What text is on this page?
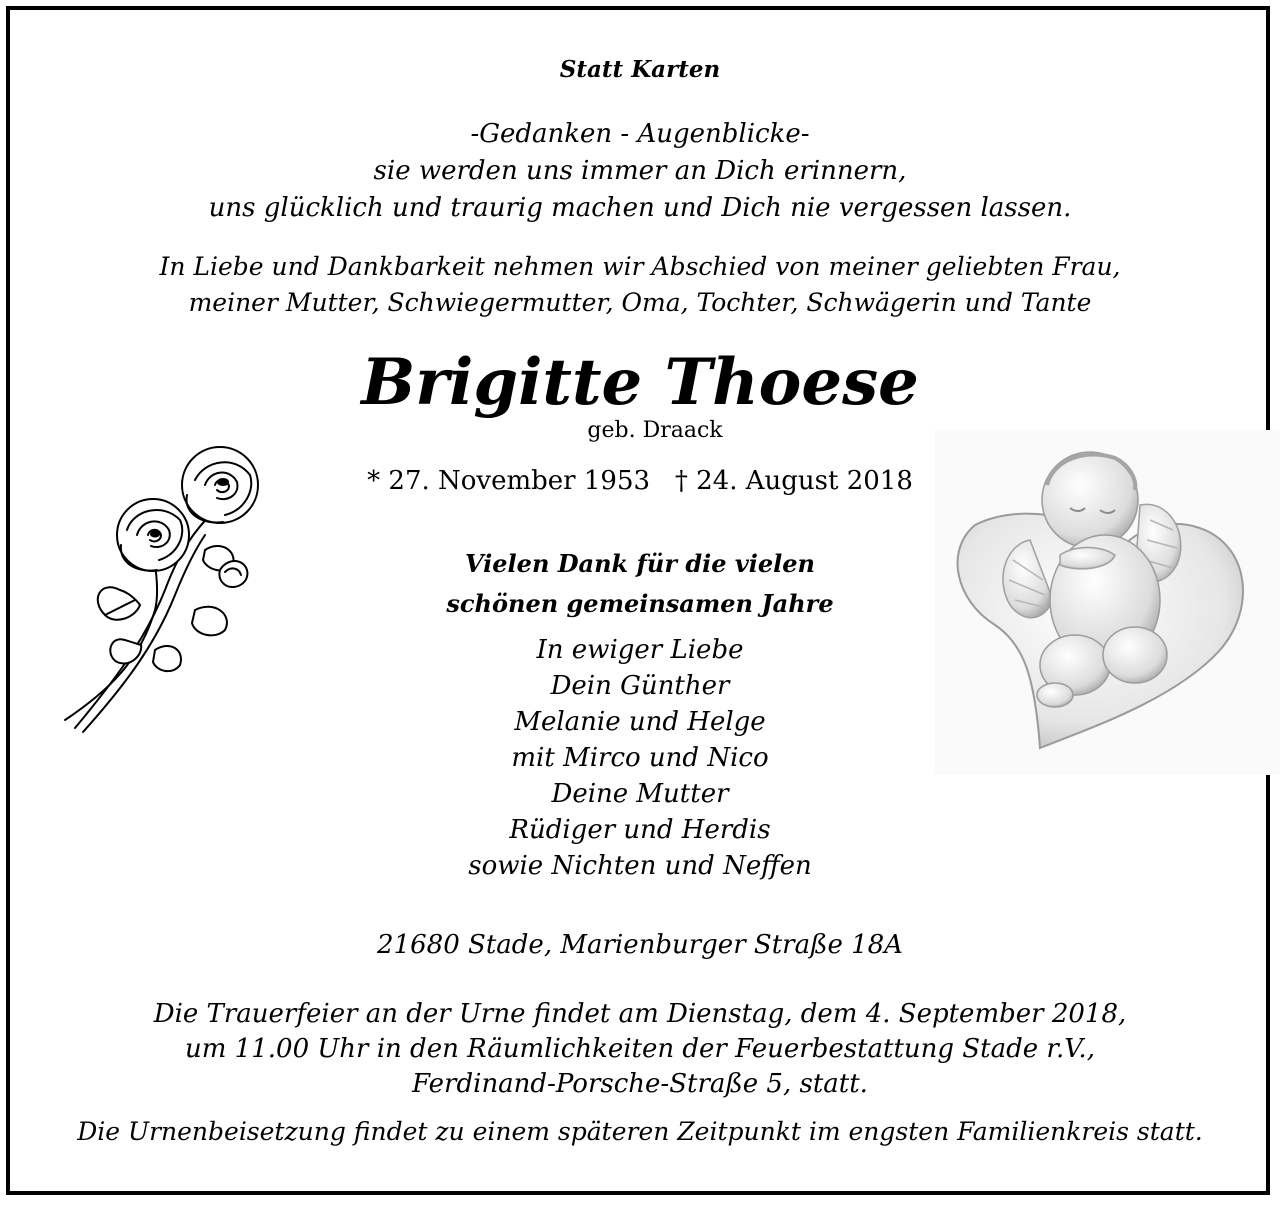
Statt Karten

-Gedanken - Augenblicke-
sie werden uns immer an Dich erinnern,
uns glücklich und traurig machen und Dich nie vergessen lassen.
In Liebe und Dankbarkeit nehmen wir Abschied von meiner geliebten Frau,
meiner Mutter, Schwiegermutter, Oma, Tochter, Schwägerin und Tante

Brigitte Thoese

geb. Draack

* 27. November 1953 † 24. August 2018

Vielen Dank für die vielen
schönen gemeinsamen Jahre
In ewiger Liebe
Dein Günther
Melanie und Helge
mit Mirco und Nico
Deine Mutter
Rüdiger und Herdis
sowie Nichten und Neffen

21680 Stade, Marienburger Straße 18A

Die Trauerfeier an der Urne findet am Dienstag, dem 4. September 2018,
um 11.00 Uhr in den Räumlichkeiten der Feuerbestattung Stade r.V.,
Ferdinand-Porsche-Straße 5, statt.

Die Urnenbeisetzung findet zu einem späteren Zeitpunkt im engsten Familienkreis statt.
